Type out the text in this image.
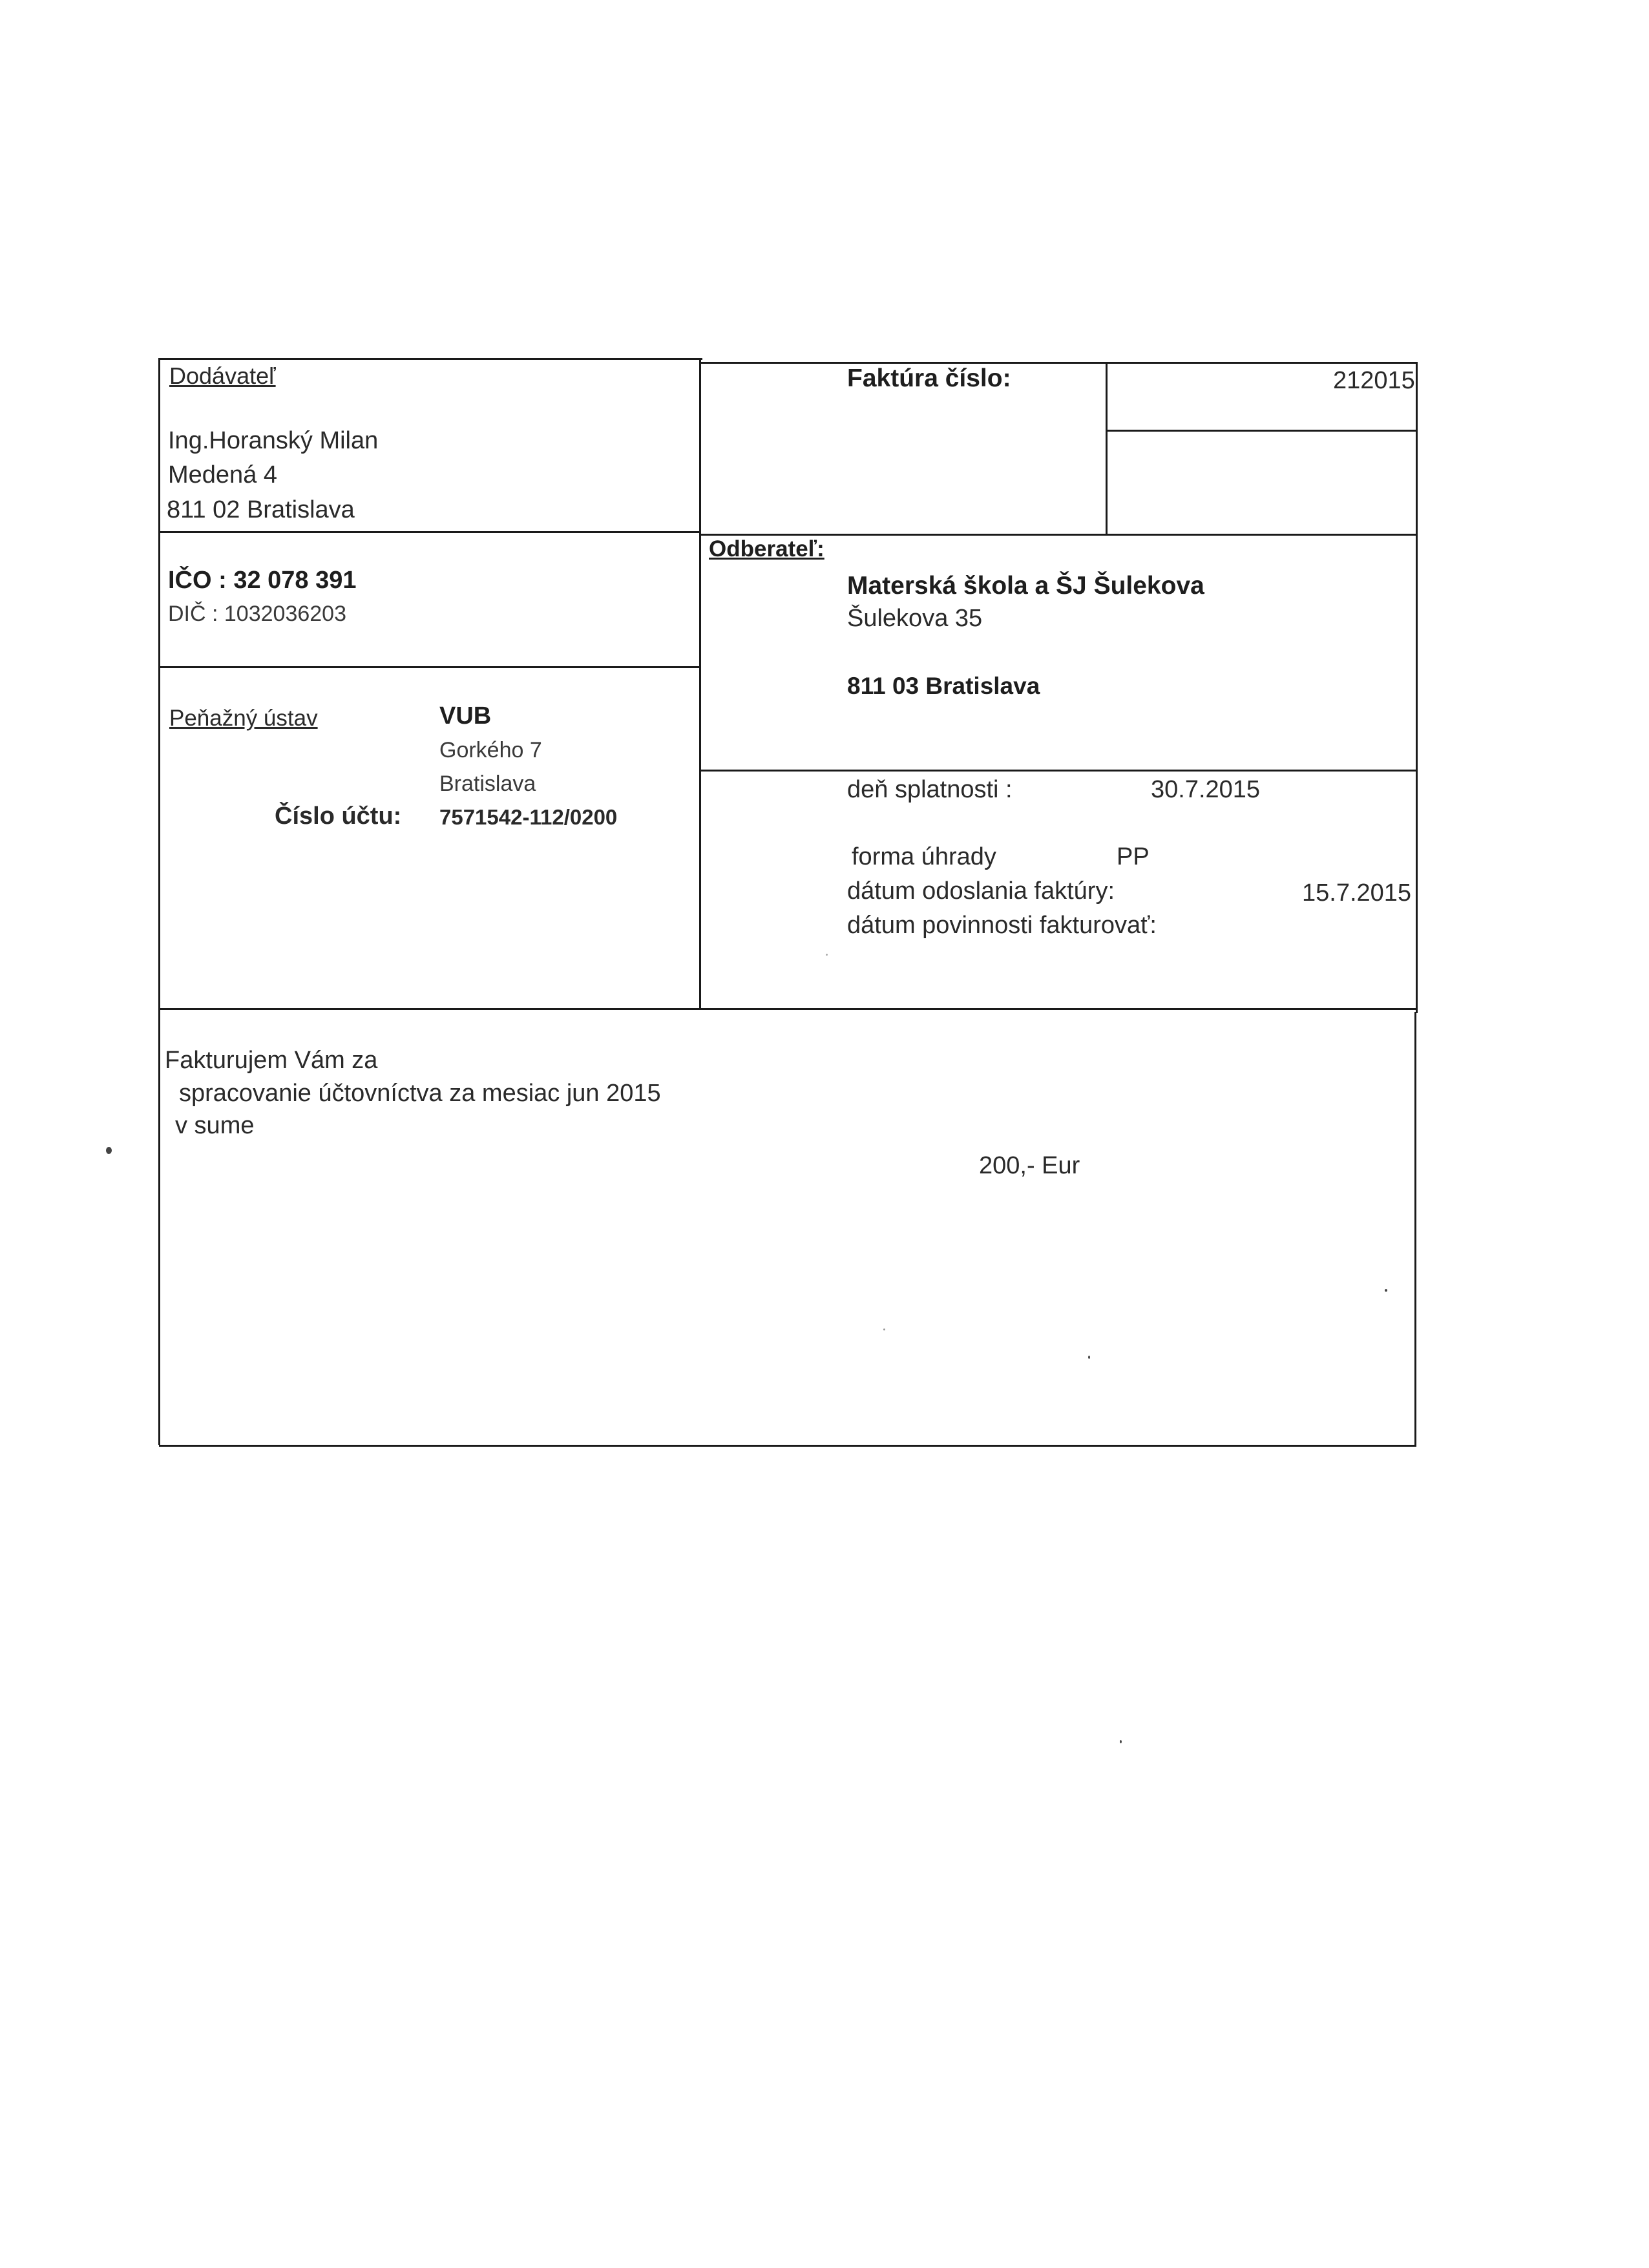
Dodávateľ
Ing.Horanský Milan
Medená 4
811 02 Bratislava
IČO : 32 078 391
DIČ : 1032036203
Peňažný ústav	VUB
Gorkého 7
Bratislava
Číslo účtu: 7571542-112/0200
Faktúra číslo:	212015
Odberateľ:
Materská škola a ŠJ Šulekova
Šulekova 35
811 03 Bratislava
deň splatnosti :	30.7.2015
forma úhrady	PP
dátum odoslania faktúry:	15.7.2015
dátum povinnosti fakturovať:
Fakturujem Vám za
spracovanie účtovníctva za mesiac jun 2015
v sume
200,- Eur
